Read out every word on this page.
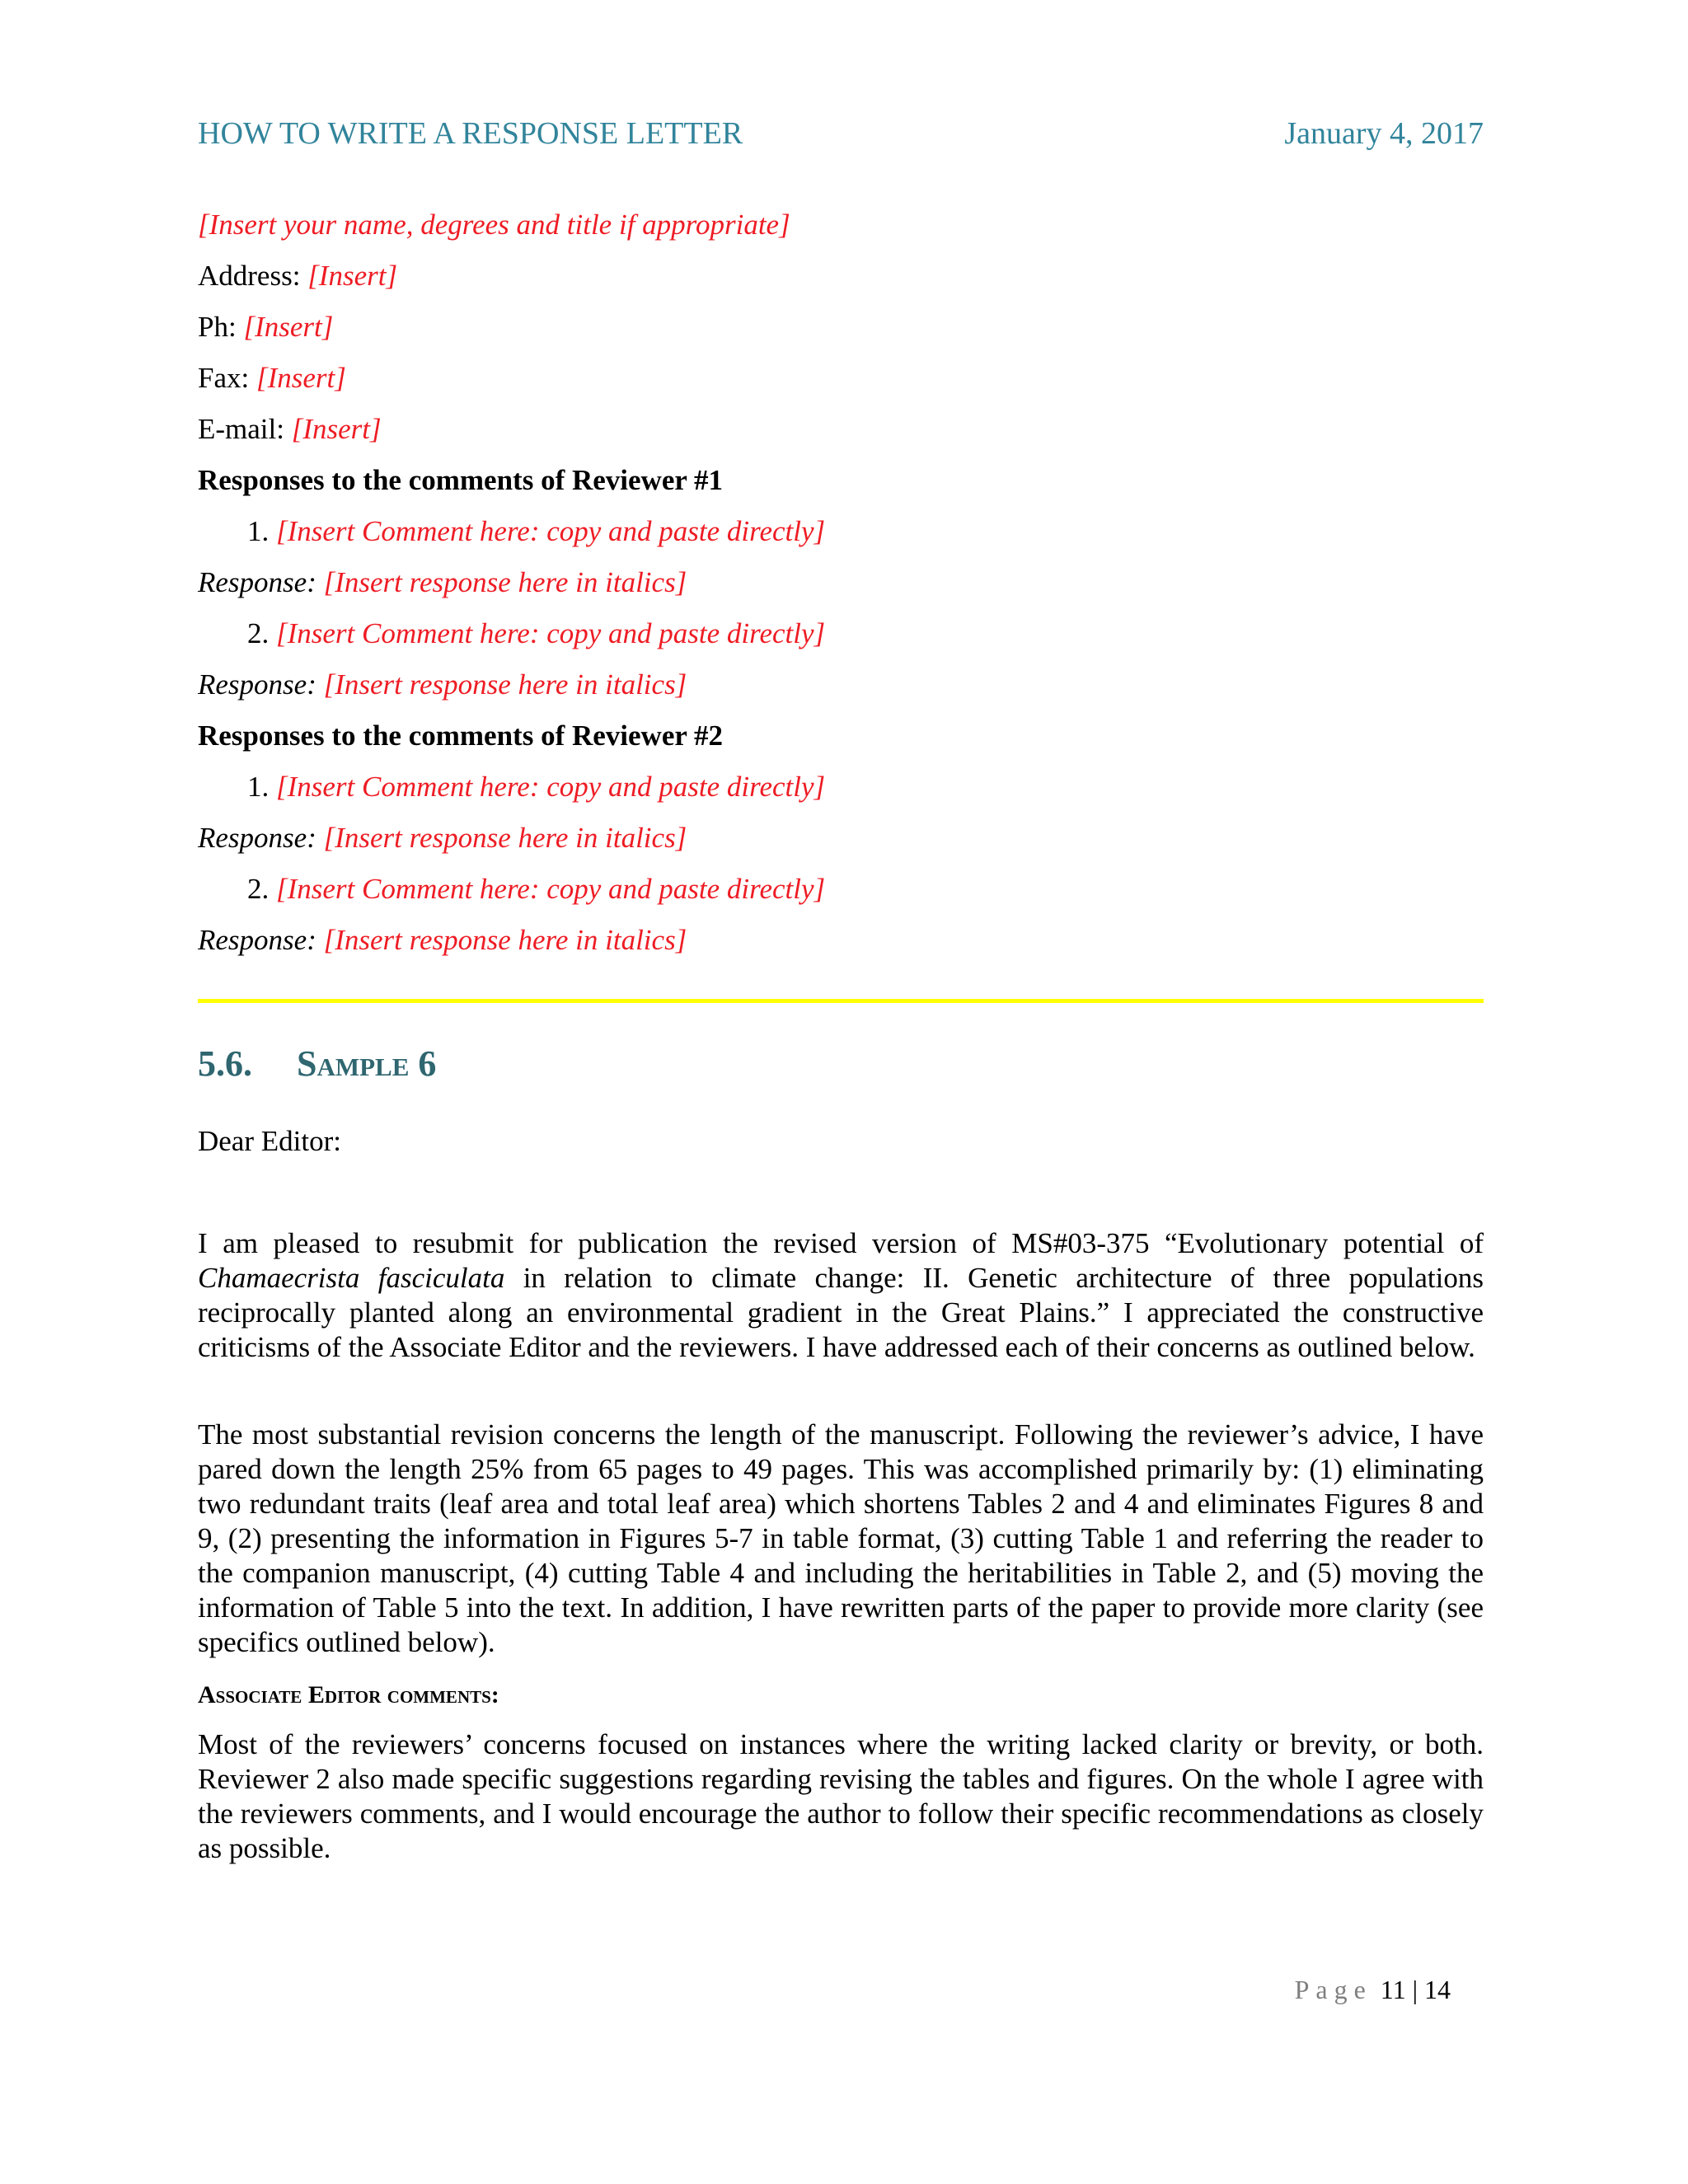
HOW TO WRITE A RESPONSE LETTER	January 4, 2017
[Insert your name, degrees and title if appropriate]
Address: [Insert]
Ph: [Insert]
Fax: [Insert]
E-mail: [Insert]
Responses to the comments of Reviewer #1
1. [Insert Comment here: copy and paste directly]
Response: [Insert response here in italics]
2. [Insert Comment here: copy and paste directly]
Response: [Insert response here in italics]
Responses to the comments of Reviewer #2
1. [Insert Comment here: copy and paste directly]
Response: [Insert response here in italics]
2. [Insert Comment here: copy and paste directly]
Response: [Insert response here in italics]
5.6. Sample 6
Dear Editor:
I am pleased to resubmit for publication the revised version of MS#03-375 “Evolutionary potential of Chamaecrista fasciculata in relation to climate change: II. Genetic architecture of three populations reciprocally planted along an environmental gradient in the Great Plains.” I appreciated the constructive criticisms of the Associate Editor and the reviewers. I have addressed each of their concerns as outlined below.
The most substantial revision concerns the length of the manuscript. Following the reviewer’s advice, I have pared down the length 25% from 65 pages to 49 pages. This was accomplished primarily by: (1) eliminating two redundant traits (leaf area and total leaf area) which shortens Tables 2 and 4 and eliminates Figures 8 and 9, (2) presenting the information in Figures 5-7 in table format, (3) cutting Table 1 and referring the reader to the companion manuscript, (4) cutting Table 4 and including the heritabilities in Table 2, and (5) moving the information of Table 5 into the text. In addition, I have rewritten parts of the paper to provide more clarity (see specifics outlined below).
Associate Editor comments:
Most of the reviewers’ concerns focused on instances where the writing lacked clarity or brevity, or both. Reviewer 2 also made specific suggestions regarding revising the tables and figures. On the whole I agree with the reviewers comments, and I would encourage the author to follow their specific recommendations as closely as possible.
Page 11 | 14
